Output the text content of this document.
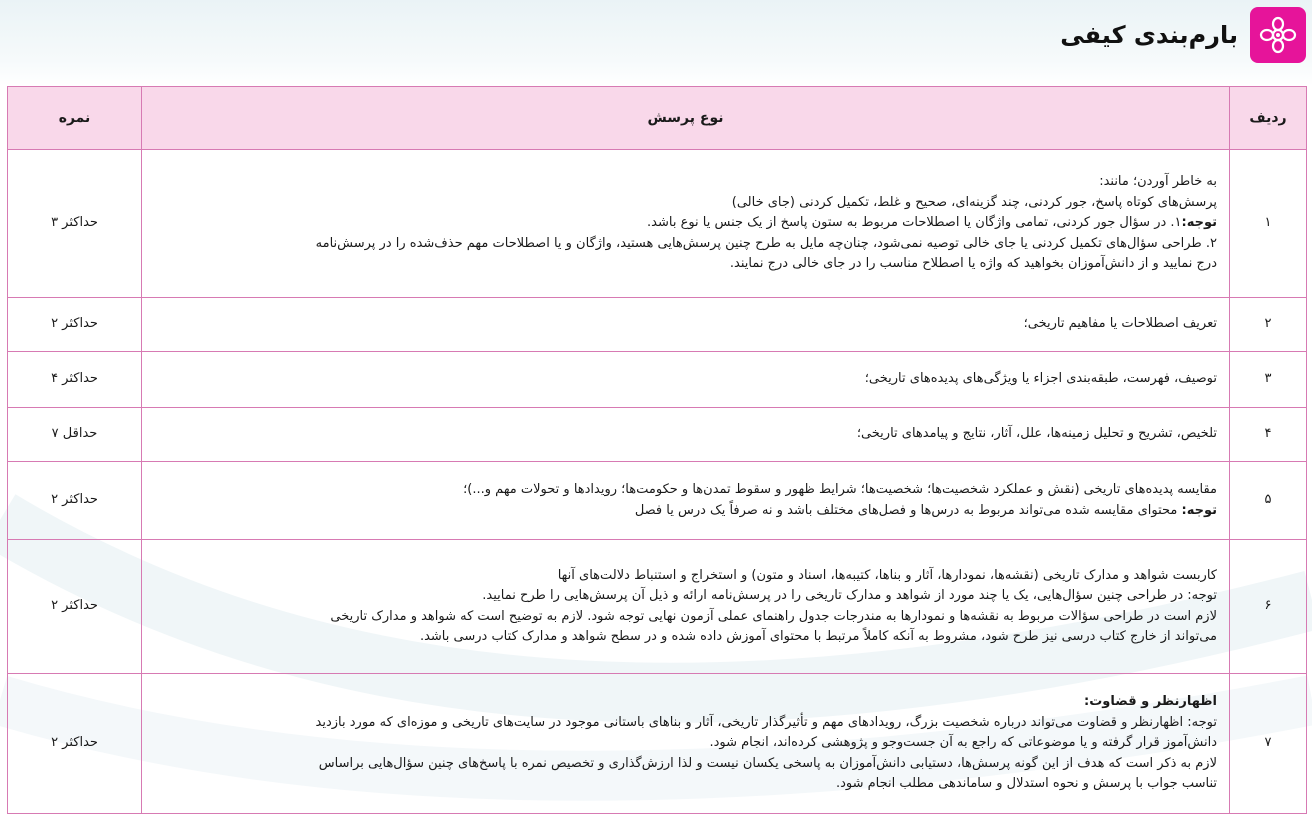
بارم‌بندی کیفی
ردیف	نوع پرسش	نمره
۱	به خاطر آوردن؛ مانند:
پرسش‌های کوتاه پاسخ، جور کردنی، چند گزینه‌ای، صحیح و غلط، تکمیل کردنی (جای خالی)
توجه:۱. در سؤال جور کردنی، تمامی واژگان یا اصطلاحات مربوط به ستون پاسخ از یک جنس یا نوع باشد.
۲. طراحی سؤال‌های تکمیل کردنی یا جای خالی توصیه نمی‌شود، چنان‌چه مایل به طرح چنین پرسش‌هایی هستید، واژگان و یا اصطلاحات مهم حذف‌شده را در پرسش‌نامه
درج نمایید و از دانش‌آموزان بخواهید که واژه یا اصطلاح مناسب را در جای خالی درج نمایند.	حداکثر ۳
۲	تعریف اصطلاحات یا مفاهیم تاریخی؛	حداکثر ۲
۳	توصیف، فهرست، طبقه‌بندی اجزاء یا ویژگی‌های پدیده‌های تاریخی؛	حداکثر ۴
۴	تلخیص، تشریح و تحلیل زمینه‌ها، علل، آثار، نتایج و پیامدهای تاریخی؛	حداقل ۷
۵	مقایسه پدیده‌های تاریخی (نقش و عملکرد شخصیت‌ها؛ شخصیت‌ها؛ شرایط ظهور و سقوط تمدن‌ها و حکومت‌ها؛ رویدادها و تحولات مهم و...)؛
توجه: محتوای مقایسه شده می‌تواند مربوط به درس‌ها و فصل‌های مختلف باشد و نه صرفاً یک درس یا فصل	حداکثر ۲
۶	کاربست شواهد و مدارک تاریخی (نقشه‌ها، نمودارها، آثار و بناها، کتیبه‌ها، اسناد و متون) و استخراج و استنباط دلالت‌های آنها
توجه: در طراحی چنین سؤال‌هایی، یک یا چند مورد از شواهد و مدارک تاریخی را در پرسش‌نامه ارائه و ذیل آن پرسش‌هایی را طرح نمایید.
لازم است در طراحی سؤالات مربوط به نقشه‌ها و نمودارها به مندرجات جدول راهنمای عملی آزمون نهایی توجه شود. لازم به توضیح است که شواهد و مدارک تاریخی
می‌تواند از خارج کتاب درسی نیز طرح شود، مشروط به آنکه کاملاً مرتبط با محتوای آموزش داده شده و در سطح شواهد و مدارک کتاب درسی باشد.	حداکثر ۲
۷	اظهارنظر و قضاوت:
توجه: اظهارنظر و قضاوت می‌تواند درباره شخصیت بزرگ، رویدادهای مهم و تأثیرگذار تاریخی، آثار و بناهای باستانی موجود در سایت‌های تاریخی و موزه‌ای که مورد بازدید
دانش‌آموز قرار گرفته و یا موضوعاتی که راجع به آن جست‌وجو و پژوهشی کرده‌اند، انجام شود.
لازم به ذکر است که هدف از این گونه پرسش‌ها، دستیابی دانش‌آموزان به پاسخی یکسان نیست و لذا ارزش‌گذاری و تخصیص نمره با پاسخ‌های چنین سؤال‌هایی براساس
تناسب جواب با پرسش و نحوه استدلال و ساماندهی مطلب انجام شود.	حداکثر ۲
